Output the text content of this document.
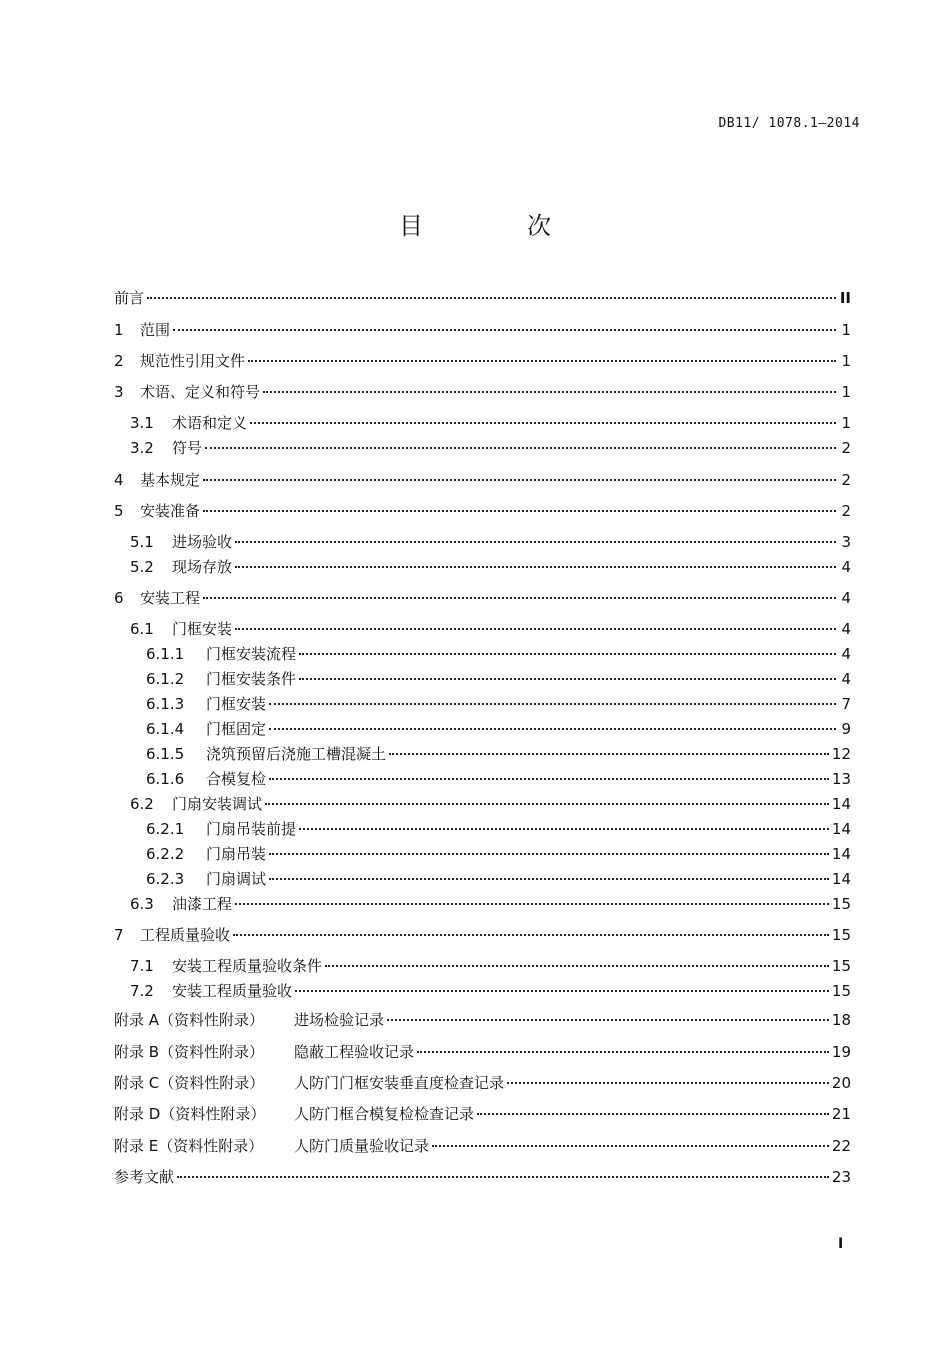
DB11/ 1078.1—2014
目　次
前言	II
1	范围	1
2	规范性引用文件	1
3	术语、定义和符号	1
3.1	术语和定义	1
3.2	符号	2
4	基本规定	2
5	安装准备	2
5.1	进场验收	3
5.2	现场存放	4
6	安装工程	4
6.1	门框安装	4
6.1.1	门框安装流程	4
6.1.2	门框安装条件	4
6.1.3	门框安装	7
6.1.4	门框固定	9
6.1.5	浇筑预留后浇施工槽混凝土	12
6.1.6	合模复检	13
6.2	门扇安装调试	14
6.2.1	门扇吊装前提	14
6.2.2	门扇吊装	14
6.2.3	门扇调试	14
6.3	油漆工程	15
7	工程质量验收	15
7.1	安装工程质量验收条件	15
7.2	安装工程质量验收	15
附录 A（资料性附录）	进场检验记录	18
附录 B（资料性附录）	隐蔽工程验收记录	19
附录 C（资料性附录）	人防门门框安装垂直度检查记录	20
附录 D（资料性附录）	人防门框合模复检检查记录	21
附录 E（资料性附录）	人防门质量验收记录	22
参考文献	23
I
